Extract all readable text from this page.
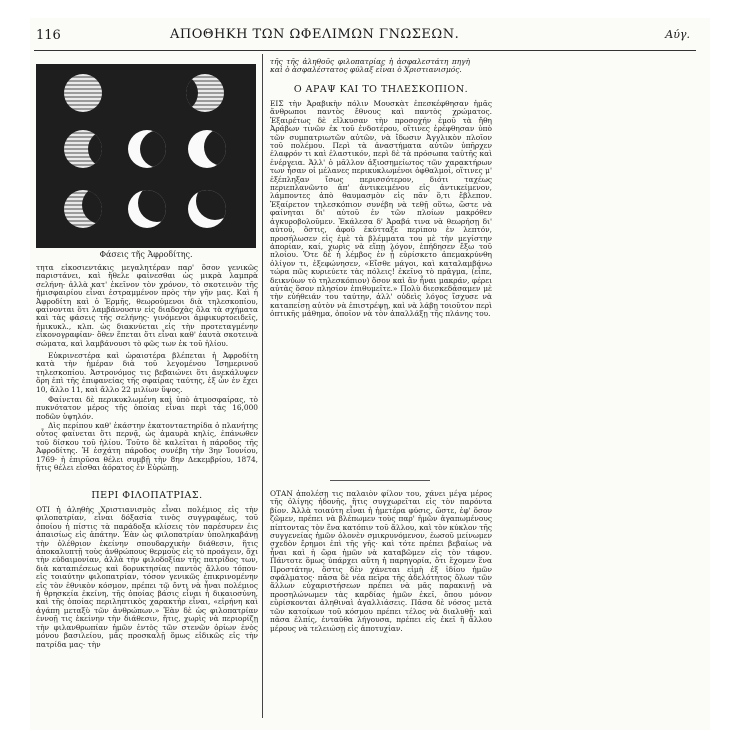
116	ΑΠΟΘΗΚΗ ΤΩΝ ΩΦΕΛΙΜΩΝ ΓΝΩΣΕΩΝ.	Αύγ.
Φάσεις τῆς Ἀφροδίτης.

τητα εἰκοσιεντάκις μεγαλητέραν παρ' ὅσον γενικῶς παριστάνει, καὶ ἤθελε φαίνεσθαι ὡς μικρὰ λαμπρὰ σελήνη· ἀλλὰ κατ' ἐκεῖνον τὸν χρόνον, τὸ σκοτεινὸν τῆς ἡμισφαιρίου εἶναι ἐστραμμένον πρὸς τὴν γῆν μας. Καὶ ἡ Ἀφροδίτη καὶ ὁ Ἑρμῆς, θεωρούμενοι διὰ τηλεσκοπίου, φαίνονται ὅτι λαμβάνουσιν εἰς διαδοχὰς ὅλα τὰ σχήματα καὶ τὰς φάσεις τῆς σελήνης· γινόμενοι ἀμφικυρτοειδεῖς, ἡμικυκλ., κλπ. ὡς διακνύεται εἰς τὴν προτεταγμένην εἰκονογραφίαν· ὅθεν ἕπεται ὅτι εἶναι καθ' ἑαυτὰ σκοτεινὰ σώματα, καὶ λαμβάνουσι τὸ φῶς των ἐκ τοῦ ἡλίου.

Εὐκρινεστέρα καὶ ὡραιοτέρα βλέπεται ἡ Ἀφροδίτη κατὰ τὴν ἡμέραν διὰ τοῦ λεγομένου Ἰσημερινοῦ τηλεσκοπίου. Ἀστρονόμος τις βεβαιώνει ὅτι ἀνεκάλυψεν ὄρη ἐπὶ τῆς ἐπιφανείας τῆς σφαίρας ταύτης, ἐξ ὧν ἐν ἔχει 10, ἄλλο 11, καὶ ἄλλο 22 μιλίων ὕψος.

Φαίνεται δὲ περικυκλωμένη καὶ ὑπὸ ἀτμοσφαίρας, τὸ πυκνότατον μέρος τῆς ὁποίας εἶναι περὶ τὰς 16,000 ποδῶν ὑψηλόν.

Δὶς περίπου καθ' ἑκάστην ἑκατονταετηρίδα ὁ πλανήτης οὗτος φαίνεται ὅτι περνᾷ, ὡς ἀμαυρὰ κηλίς, ἐπάνωθεν τοῦ δίσκου τοῦ ἡλίου. Τοῦτο δὲ καλεῖται ἡ πάροδος τῆς Ἀφροδίτης. Ἡ ἐσχάτη πάροδος συνέβη τὴν 3ην Ἰουνίου, 1769· ἡ ἐπιοῦσα θέλει συμβῇ τὴν 8ην Δεκεμβρίου, 1874, ἥτις θέλει εἶσθαι ἀόρατος ἐν Εὐρώπῃ.

ΠΕΡΙ ΦΙΛΟΠΑΤΡΙΑΣ.

ΟΤΙ ἡ ἀληθὴς Χριστιανισμὸς εἶναι πολέμιος εἰς τὴν φιλοπατρίαν, εἶναι δόξασία τινὸς συγγραφέως, τοῦ ὁποίου ἡ πίστις τὰ παράδοξα κλίσεις τὸν παρέσυρεν ἐις ἀπαισίως εἰς ἀπάτην. Ἐὰν ὡς φιλοπατρίαν ὑποληκαβάνῃ τὴν ὀλέθριον ἐκείνην σπουδαρχικὴν διάθεσιν, ἥτις ἀποκαλυπτῇ τοὺς ἀνθρώπους θερμοὺς εἰς τὸ προάγειν, ὄχι τὴν εὐδαιμονίαν, ἀλλὰ τὴν φιλοδοξίαν τῆς πατρίδος των, διὰ καταπιέσεως καὶ δορυκτησίας παντὸς ἄλλου τόπου· εἰς τοιαύτην φιλοπατρίαν, τόσον γενικῶς ἐπικρινομένην εἰς τὸν ἐθνικὸν κόσμον, πρέπει τῷ ὄντι νὰ ἦναι πολέμιος ἡ θρησκεία ἐκείνη, τῆς ὁποίας βάσις εἶναι ἡ δικαιοσύνη, καὶ τῆς ὁποίας περιληπτικὸς χαρακτήρ εἶναι, «εἰρήνη καὶ ἀγάπη μεταξὺ τῶν ἀνθρώπων.» Ἐὰν δὲ ὡς φιλοπατρίαν ἐννοῇ τις ἐκείνην τὴν διάθεσιν, ἥτις, χωρὶς νὰ περιορίζῃ τὴν φιλανθρωπίαν ἡμῶν ἐντὸς τῶν στενῶν ὁρίων ἑνὸς μόνου βασιλείου, μᾶς προσκαλῇ ὅμως εἰδικῶς εἰς τὴν πατρίδα μας· τὴν

τῆς τῆς ἀληθοῦς φιλοπατρίας ἡ ἀσφαλεστάτη πηγὴ καὶ ὁ ἀσφαλέστατος φύλαξ εἶναι ὁ Χριστιανισμός.

Ο ΑΡΑΨ ΚΑΙ ΤΟ ΤΗΛΕΣΚΟΠΙΟΝ.

ΕΙΣ τὴν Ἀραβικὴν πόλιν Μουσκὰτ ἐπεσκέφθησαν ἡμᾶς ἄνθρωποι παντὸς ἔθνους καὶ παντὸς χρώματος. Ἐξαιρέτως δὲ εἵλκυσαν τὴν προσοχήν ἐμοῦ τὰ ἤθη Ἀράβων τινῶν ἐκ τοῦ ἐνδοτέρου, οἵτινες ἐρέφθησαν ὑπὸ τῶν συμπατριωτῶν αὐτῶν, νὰ ἴδωσιν Ἀγγλικὸν πλοῖον τοῦ πολέμου. Περὶ τὰ ἀναστήματα αὐτῶν ὑπῆρχεν ἐλαφρόν τι καὶ ἐλαστικόν, περὶ δὲ τὰ πρόσωπα ταὐτῆς καὶ ἐνέργεια. Ἀλλ' ὁ μᾶλλον ἀξιοσημείωτος τῶν χαρακτήρων των ἦσαν οἱ μέλανες περικυκλωμένοι ὀφθαλμοί, οἵτινες μ' ἐξέπληξαν ἴσως περισσότερον, διότι ταχέως περιεπλανῶντο ἀπ' ἀντικειμένου εἰς ἀντικείμενον, λάμποντες ἀπὸ θαυμασμὸν εἰς πᾶν ὅ,τι ἔβλεπον. Ἐξαίρετον τηλεσκόπιον συνέβη νὰ τεθῇ οὕτω, ὥστε νὰ φαίνηται δι' αὐτοῦ ἐν τῶν πλοίων μακρόθεν ἀγκυροβολοῦμεν. Ἐκάλεσα δ' Ἀραβά τινα νὰ θεωρήσῃ δι' αὐτοῦ, ὅστις, ἀφοῦ ἐκύτταξε περίπου ἐν λεπτόν, προσήλωσεν εἰς ἐμὲ τὰ βλέμματα του μὲ τὴν μεγίστην ἀπορίαν, καί, χωρὶς νὰ εἴπῃ λόγον, ἐπήδησεν ἔξω τοῦ πλοίου. Ὅτε δὲ ἡ λέμβος ἐν ᾗ εὑρίσκετο ἀπεμακρύνθη ὀλίγον τι, ἐξεφώνησεν, «Εἴσθε μάγοι, καὶ καταλαμβάνω τώρα πῶς κυριεύετε τὰς πόλεις! ἐκεῖνο τὸ πρᾶγμα, (εἶπε, δεικνύων τὸ τηλεσκόπιον) ὅσον καὶ ἂν ἦναι μακράν, φέρει αὐτὰς ὅσον πλησίον ἐπιθυμεῖτε.» Πολὺ διεσκεδάσαμεν μὲ τὴν εὐήθειάν του ταύτην, ἀλλ' οὐδεὶς λόγος ἴσχυσε νὰ καταπείσῃ αὐτὸν νὰ ἐπιστρέψῃ, καὶ νὰ λάβῃ τοιοῦτον περὶ ὀπτικῆς μάθημα, ὁποῖον νὰ τὸν ἀπαλλάξῃ τῆς πλάνης του.

ΟΤΑΝ ἀπολέσῃ τις παλαιὸν φίλον του, χάνει μέγα μέρος τῆς ὀλίγης ἡδονῆς, ἥτις συγχωρεῖται εἰς τὸν παρόντα βίον. Ἀλλὰ τοιαύτη εἶναι ἡ ἠμετέρα φύσις, ὥστε, ἐφ' ὅσον ζῶμεν, πρέπει νὰ βλέπωμεν τοὺς παρ' ἡμῶν ἀγαπωμένους πίπτοντας τὸν ἕνα κατόπιν τοῦ ἄλλου, καὶ τὸν κύκλον τῆς συγγενείας ἡμῶν ὀλονὲν σμικρυνόμενον, ἑωσοῦ μείνωμεν σχεδὸν ἔρημοι ἐπὶ τῆς γῆς· καὶ τότε πρέπει βεβαίως νὰ ἦναι καὶ ἡ ὥρα ἡμῶν νὰ καταβῶμεν εἰς τὸν τάφον. Πάντοτε ὅμως ὑπάρχει αὕτη ἡ παρηγορία, ὅτι ἔχομεν ἕνα Προστάτην, ὅστις δὲν χάνεται εἰμὴ ἐξ ἰδίου ἡμῶν σφάλματος· πᾶσα δὲ νέα πεῖρα τῆς ἀδελότητος ὅλων τῶν ἄλλων εὐχαριστήσεων πρέπει νὰ μᾶς παρακινῇ νὰ προσηλώνωμεν τὰς καρδίας ἡμῶν ἐκεῖ, ὅπου μόνον εὑρίσκονται ἀληθιναὶ ἀγαλλιάσεις. Πᾶσα δὲ νόσος μετὰ τῶν κατοίκων τοῦ κόσμου πρέπει τέλος νὰ διαλυθῇ· καὶ πᾶσα ἐλπίς, ἐνταῦθα λήγουσα, πρέπει εἰς ἐκεῖ ἢ ἄλλου μέρους νὰ τελειώσῃ εἰς ἀποτυχίαν.
